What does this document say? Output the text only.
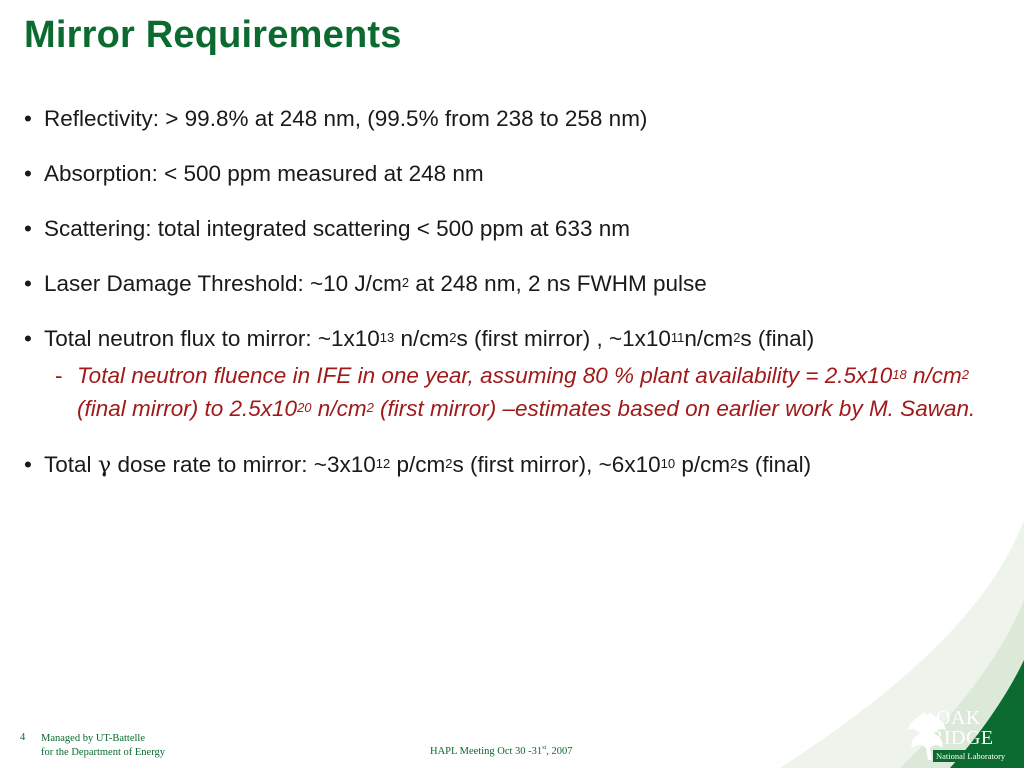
Mirror Requirements
• Reflectivity: > 99.8% at 248 nm, (99.5% from 238 to 258 nm)
• Absorption: < 500 ppm measured at 248 nm
• Scattering: total integrated scattering < 500 ppm at 633 nm
• Laser Damage Threshold: ~10 $J/cm^2$ at 248 nm, 2 ns FWHM pulse
• Total neutron flux to mirror: $\sim 1x10^{13}$ $n/cm^2s$ (first mirror) , $\sim 1x10^{11}n/cm^2s$ (final)
- Total neutron fluence in IFE in one year, assuming 80 % plant availability = $2.5x10^{18}$ $n/cm^2$ (final mirror) to $2.5x10^{20}$ $n/cm^2$ (first mirror) –estimates based on earlier work by M. Sawan.
• Total γ dose rate to mirror: $\sim 3x10^{12}$ $p/cm^2s$ (first mirror), $\sim 6x10^{10}$ $p/cm^2s$ (final)
4 Managed by UT-Battelle
for the Department of Energy	HAPL Meeting Oct 30 -31st, 2007
OAK
RIDGE
National Laboratory
